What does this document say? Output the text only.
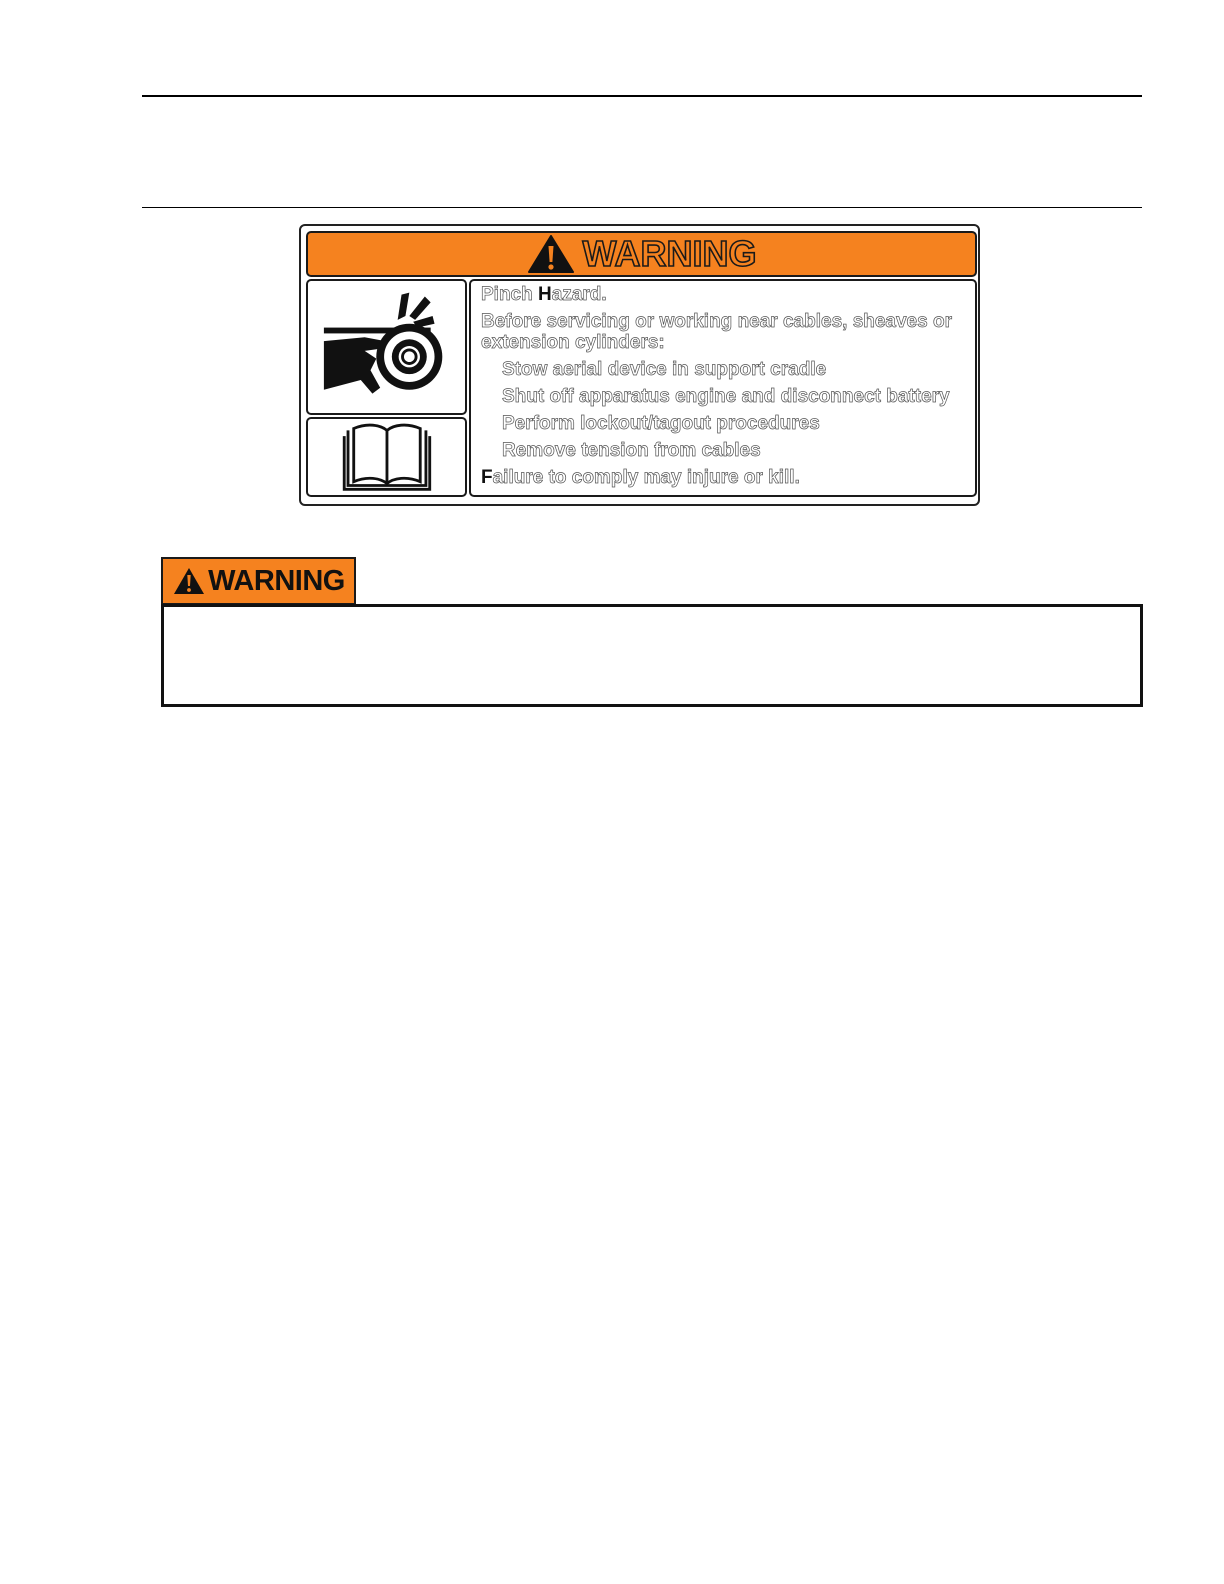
WARNING

Pinch Hazard.

Before servicing or working near cables, sheaves or extension cylinders:

Stow aerial device in support cradle

Shut off apparatus engine and disconnect battery

Perform lockout/tagout procedures

Remove tension from cables

Failure to comply may injure or kill.

WARNING
